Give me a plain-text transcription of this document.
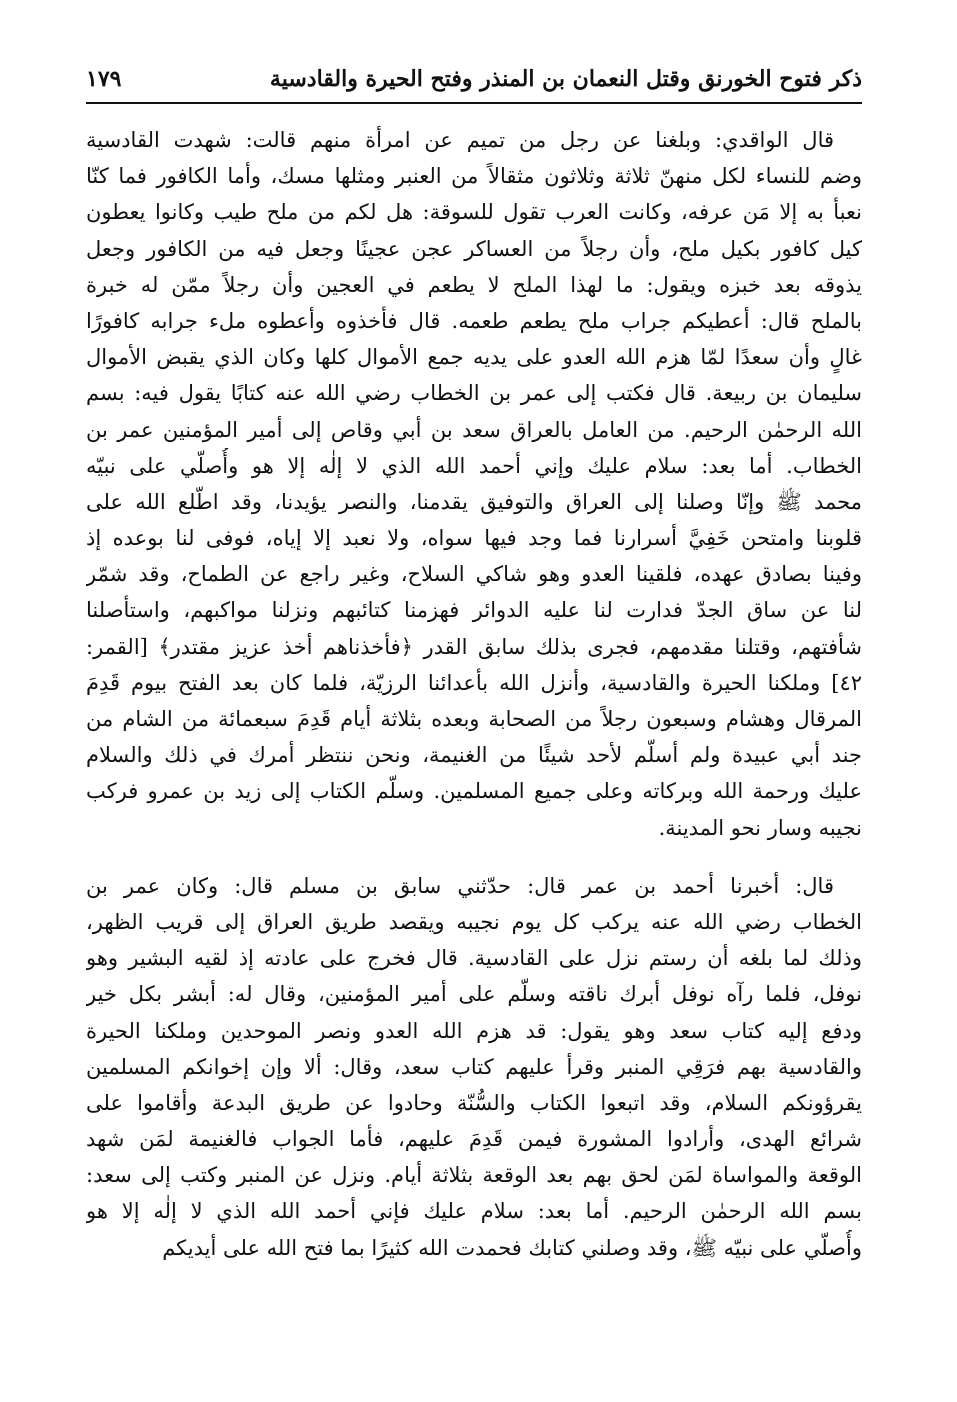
ذكر فتوح الخورنق وقتل النعمان بن المنذر وفتح الحيرة والقادسية
١٧٩
قال الواقدي: وبلغنا عن رجل من تميم عن امرأة منهم قالت: شهدت القادسية
وضم للنساء لكل منهنّ ثلاثة وثلاثون مثقالاً من العنبر ومثلها مسك، وأما الكافور فما كنّا
نعبأ به إلا مَن عرفه، وكانت العرب تقول للسوقة: هل لكم من ملح طيب وكانوا يعطون
كيل كافور بكيل ملح، وأن رجلاً من العساكر عجن عجينًا وجعل فيه من الكافور وجعل
يذوقه بعد خبزه ويقول: ما لهذا الملح لا يطعم في العجين وأن رجلاً ممّن له خبرة
بالملح قال: أعطيكم جراب ملح يطعم طعمه. قال فأخذوه وأعطوه ملء جرابه كافورًا
غالٍ وأن سعدًا لمّا هزم الله العدو على يديه جمع الأموال كلها وكان الذي يقبض الأموال
سليمان بن ربيعة. قال فكتب إلى عمر بن الخطاب رضي الله عنه كتابًا يقول فيه: بسم
الله الرحمٰن الرحيم. من العامل بالعراق سعد بن أبي وقاص إلى أمير المؤمنين عمر بن
الخطاب. أما بعد: سلام عليك وإني أحمد الله الذي لا إلٰه إلا هو وأُصلّي على نبيّه
محمد ﷺ وإنّا وصلنا إلى العراق والتوفيق يقدمنا، والنصر يؤيدنا، وقد اطّلع الله على
قلوبنا وامتحن خَفِيَّ أسرارنا فما وجد فيها سواه، ولا نعبد إلا إياه، فوفى لنا بوعده إذ
وفينا بصادق عهده، فلقينا العدو وهو شاكي السلاح، وغير راجع عن الطماح، وقد شمّر
لنا عن ساق الجدّ فدارت لنا عليه الدوائر فهزمنا كتائبهم ونزلنا مواكبهم، واستأصلنا
شأفتهم، وقتلنا مقدمهم، فجرى بذلك سابق القدر ﴿فأخذناهم أخذ عزيز مقتدر﴾ [القمر:
٤٢] وملكنا الحيرة والقادسية، وأنزل الله بأعدائنا الرزيّة، فلما كان بعد الفتح بيوم قَدِمَ
المرقال وهشام وسبعون رجلاً من الصحابة وبعده بثلاثة أيام قَدِمَ سبعمائة من الشام من
جند أبي عبيدة ولم أسلّم لأحد شيئًا من الغنيمة، ونحن ننتظر أمرك في ذلك والسلام
عليك ورحمة الله وبركاته وعلى جميع المسلمين. وسلّم الكتاب إلى زيد بن عمرو فركب
نجيبه وسار نحو المدينة.
قال: أخبرنا أحمد بن عمر قال: حدّثني سابق بن مسلم قال: وكان عمر بن
الخطاب رضي الله عنه يركب كل يوم نجيبه ويقصد طريق العراق إلى قريب الظهر،
وذلك لما بلغه أن رستم نزل على القادسية. قال فخرج على عادته إذ لقيه البشير وهو
نوفل، فلما رآه نوفل أبرك ناقته وسلّم على أمير المؤمنين، وقال له: أبشر بكل خير
ودفع إليه كتاب سعد وهو يقول: قد هزم الله العدو ونصر الموحدين وملكنا الحيرة
والقادسية بهم فرَقِي المنبر وقرأ عليهم كتاب سعد، وقال: ألا وإن إخوانكم المسلمين
يقرؤونكم السلام، وقد اتبعوا الكتاب والسُّنّة وحادوا عن طريق البدعة وأقاموا على
شرائع الهدى، وأرادوا المشورة فيمن قَدِمَ عليهم، فأما الجواب فالغنيمة لمَن شهد
الوقعة والمواساة لمَن لحق بهم بعد الوقعة بثلاثة أيام. ونزل عن المنبر وكتب إلى سعد:
بسم الله الرحمٰن الرحيم. أما بعد: سلام عليك فإني أحمد الله الذي لا إلٰه إلا هو
وأُصلّي على نبيّه ﷺ، وقد وصلني كتابك فحمدت الله كثيرًا بما فتح الله على أيديكم
